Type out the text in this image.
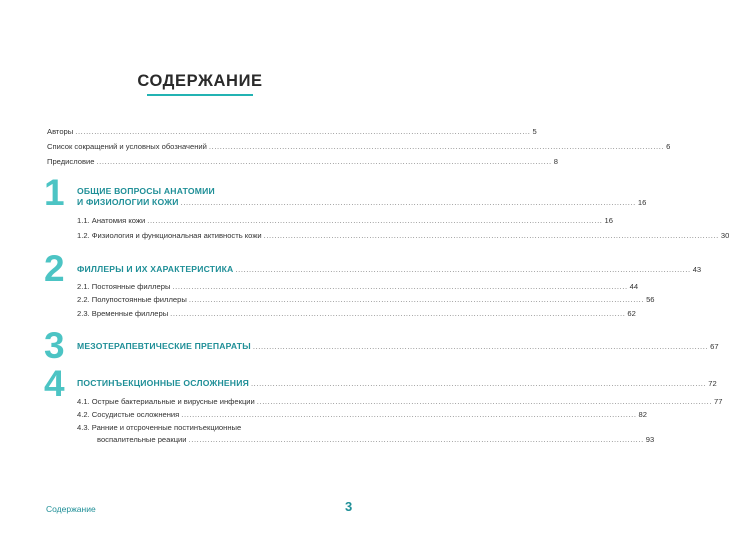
СОДЕРЖАНИЕ
Авторы ........................................................................................................................................................................ 5
Список сокращений и условных обозначений ........................................................................................................................................................................ 6
Предисловие ........................................................................................................................................................................ 8
1 ОБЩИЕ ВОПРОСЫ АНАТОМИИ
И ФИЗИОЛОГИИ КОЖИ ........................................................................................................................................................................ 16
1.1. Анатомия кожи ........................................................................................................................................................................ 16
1.2. Физиология и функциональная активность кожи ........................................................................................................................................................................ 30
2 ФИЛЛЕРЫ И ИХ ХАРАКТЕРИСТИКА ........................................................................................................................................................................ 43
2.1. Постоянные филлеры ........................................................................................................................................................................ 44
2.2. Полупостоянные филлеры ........................................................................................................................................................................ 56
2.3. Временные филлеры ........................................................................................................................................................................ 62
3 МЕЗОТЕРАПЕВТИЧЕСКИЕ ПРЕПАРАТЫ ........................................................................................................................................................................ 67
4 ПОСТИНЪЕКЦИОННЫЕ ОСЛОЖНЕНИЯ ........................................................................................................................................................................ 72
4.1. Острые бактериальные и вирусные инфекции ........................................................................................................................................................................ 77
4.2. Сосудистые осложнения ........................................................................................................................................................................ 82
4.3. Ранние и отсроченные постинъекционные
воспалительные реакции ........................................................................................................................................................................ 93
Содержание	3
